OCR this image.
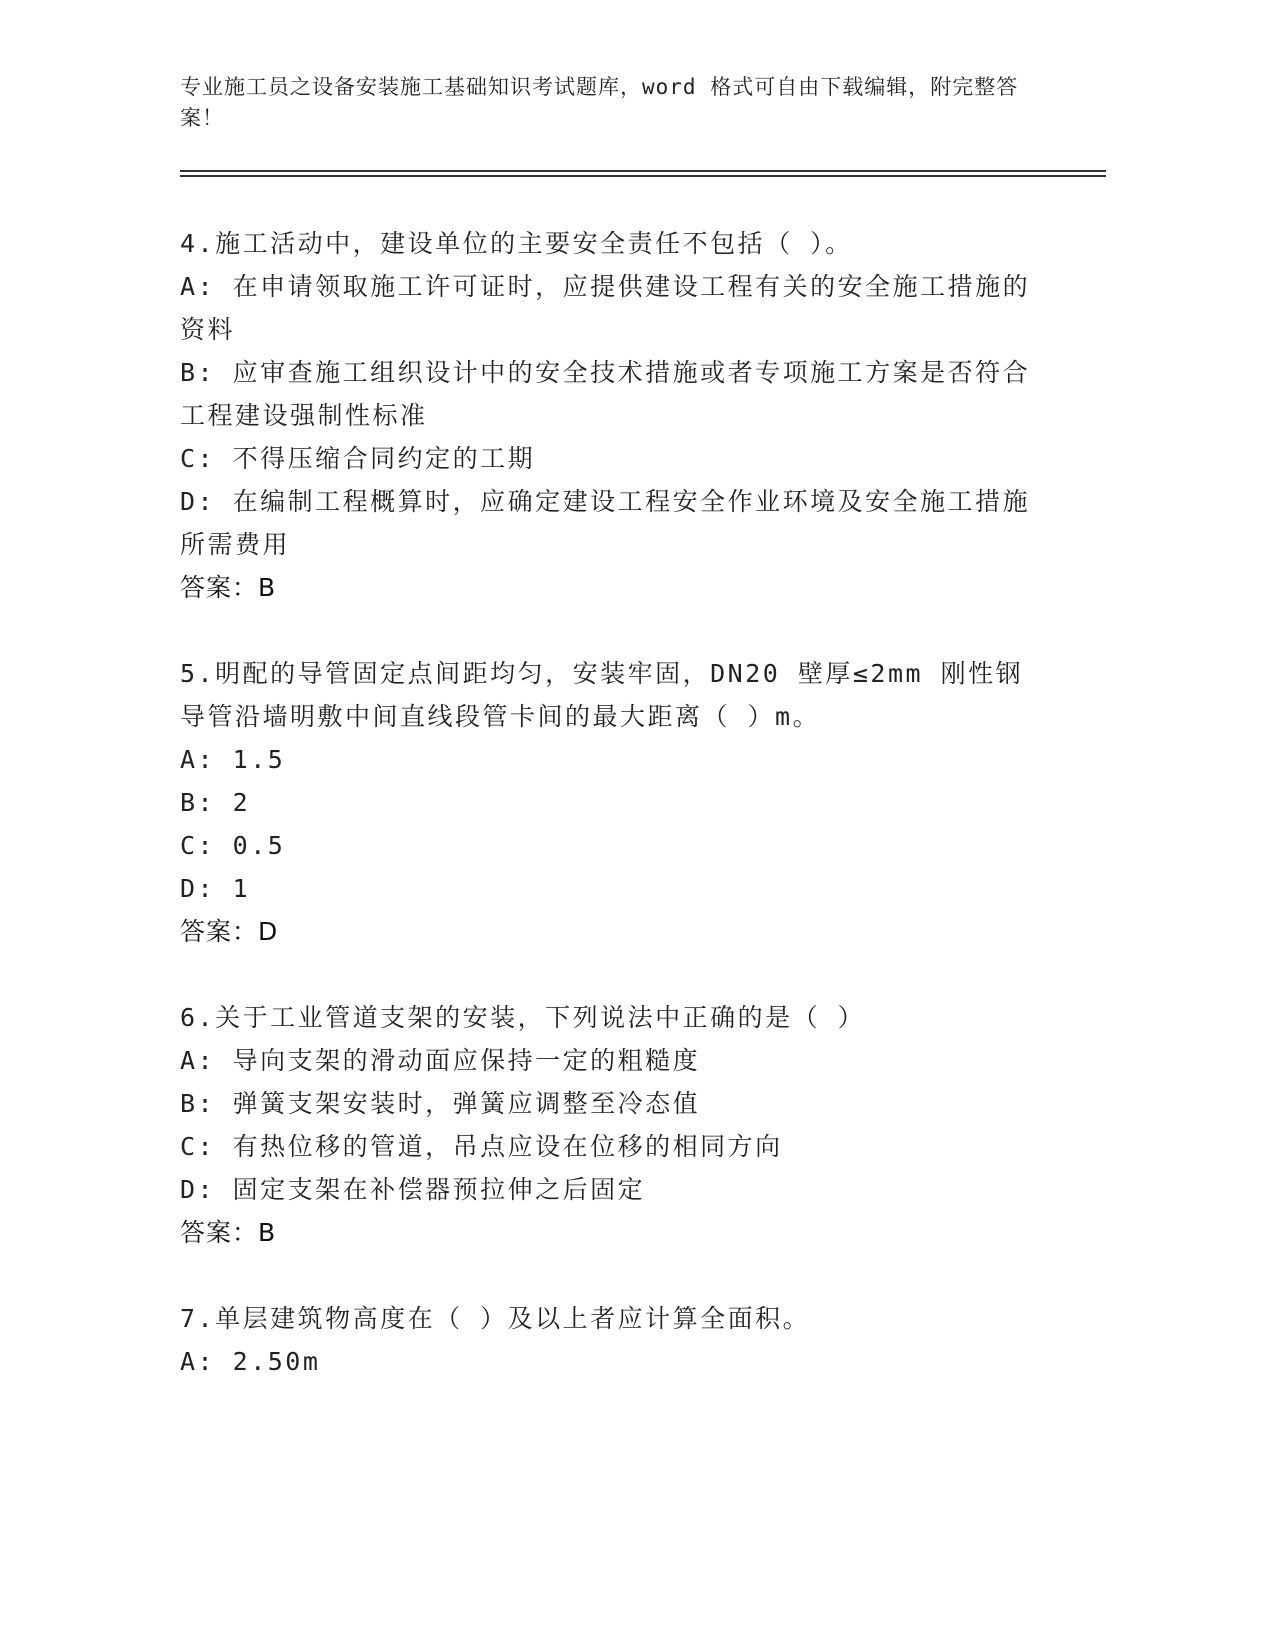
专业施工员之设备安装施工基础知识考试题库，word 格式可自由下载编辑，附完整答案！

4.施工活动中，建设单位的主要安全责任不包括（ ）。

A: 在申请领取施工许可证时，应提供建设工程有关的安全施工措施的资料

B: 应审查施工组织设计中的安全技术措施或者专项施工方案是否符合工程建设强制性标准

C: 不得压缩合同约定的工期

D: 在编制工程概算时，应确定建设工程安全作业环境及安全施工措施所需费用

答案：B

5.明配的导管固定点间距均匀，安装牢固，DN20 壁厚≤2mm 刚性钢导管沿墙明敷中间直线段管卡间的最大距离（ ）m。

A: 1.5

B: 2

C: 0.5

D: 1

答案：D

6.关于工业管道支架的安装，下列说法中正确的是（ ）

A: 导向支架的滑动面应保持一定的粗糙度

B: 弹簧支架安装时，弹簧应调整至冷态值

C: 有热位移的管道，吊点应设在位移的相同方向

D: 固定支架在补偿器预拉伸之后固定

答案：B

7.单层建筑物高度在（ ）及以上者应计算全面积。

A: 2.50m
